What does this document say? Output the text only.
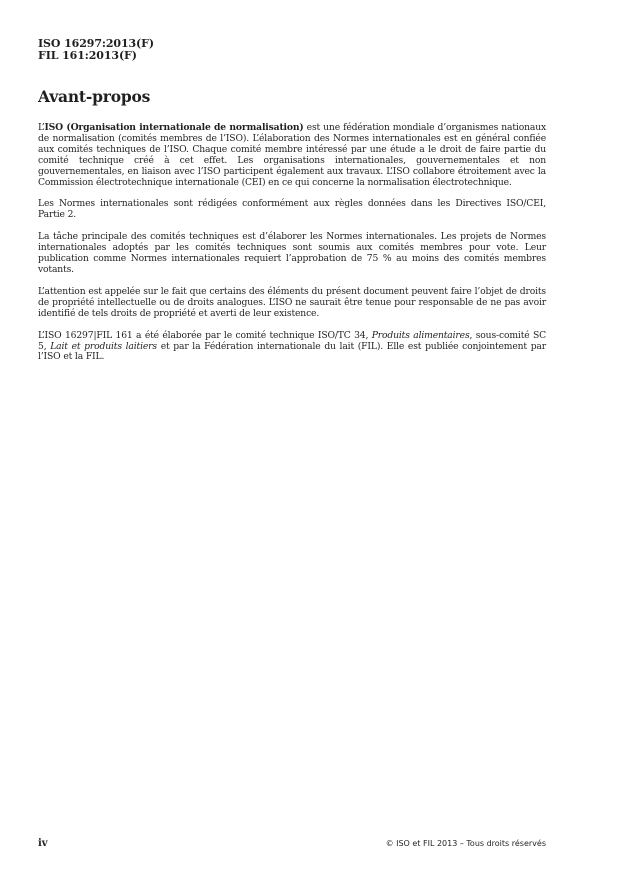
ISO 16297:2013(F)
FIL 161:2013(F)
Avant-propos

L’ISO (Organisation internationale de normalisation) est une fédération mondiale d’organismes nationaux de normalisation (comités membres de l’ISO). L’élaboration des Normes internationales est en général confiée aux comités techniques de l’ISO. Chaque comité membre intéressé par une étude a le droit de faire partie du comité technique créé à cet effet. Les organisations internationales, gouvernementales et non gouvernementales, en liaison avec l’ISO participent également aux travaux. L’ISO collabore étroitement avec la Commission électrotechnique internationale (CEI) en ce qui concerne la normalisation électrotechnique.

Les Normes internationales sont rédigées conformément aux règles données dans les Directives ISO/CEI, Partie 2.

La tâche principale des comités techniques est d’élaborer les Normes internationales. Les projets de Normes internationales adoptés par les comités techniques sont soumis aux comités membres pour vote. Leur publication comme Normes internationales requiert l’approbation de 75 % au moins des comités membres votants.

L’attention est appelée sur le fait que certains des éléments du présent document peuvent faire l’objet de droits de propriété intellectuelle ou de droits analogues. L’ISO ne saurait être tenue pour responsable de ne pas avoir identifié de tels droits de propriété et averti de leur existence.

L’ISO 16297|FIL 161 a été élaborée par le comité technique ISO/TC 34, Produits alimentaires, sous-comité SC 5, Lait et produits laitiers et par la Fédération internationale du lait (FIL). Elle est publiée conjointement par l’ISO et la FIL.

iv	© ISO et FIL 2013 – Tous droits réservés
